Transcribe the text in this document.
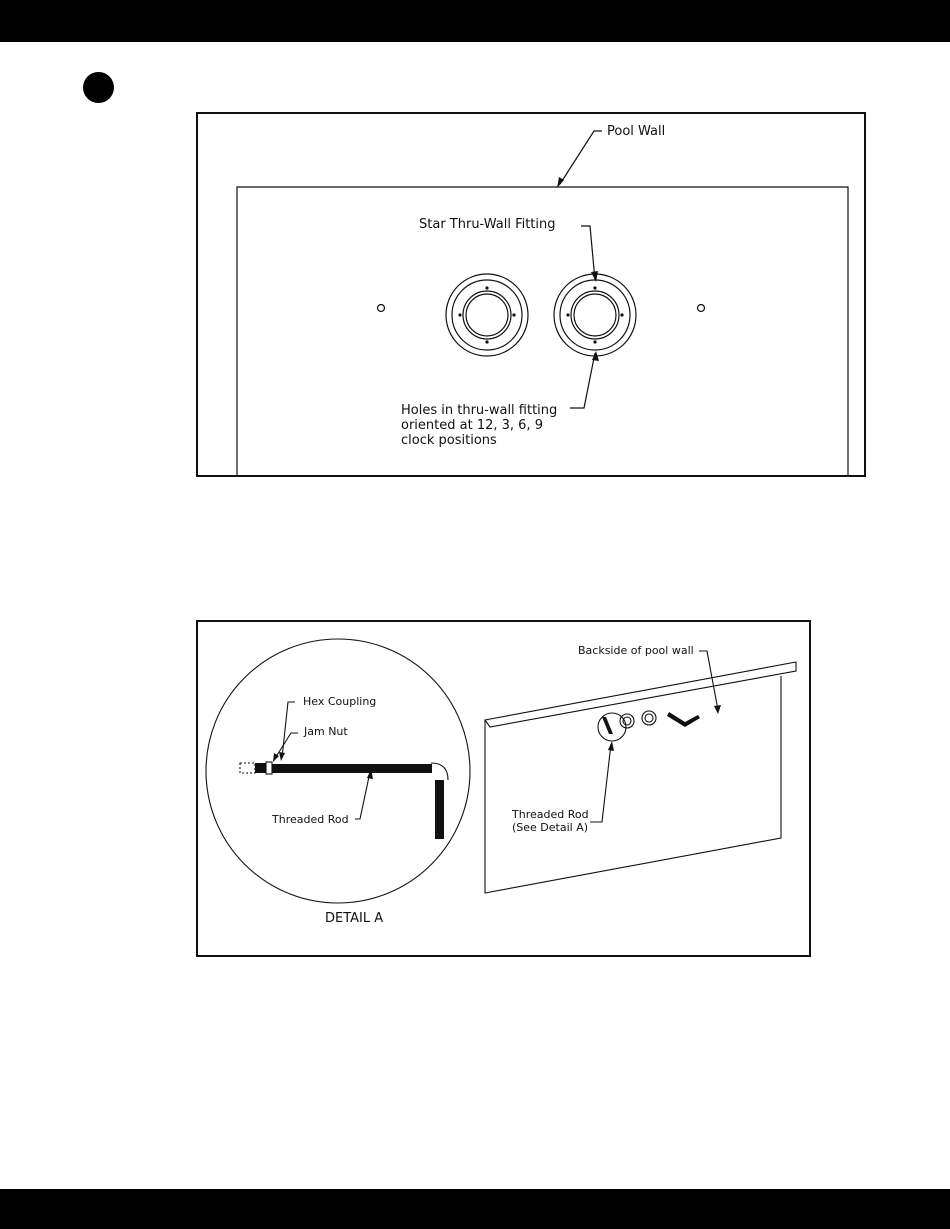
Pool Wall
Star Thru-Wall Fitting
Holes in thru-wall fitting
oriented at 12, 3, 6, 9
clock positions
Backside of pool wall
Hex Coupling
Jam Nut
Threaded Rod	Threaded Rod
(See Detail A)
DETAIL A
